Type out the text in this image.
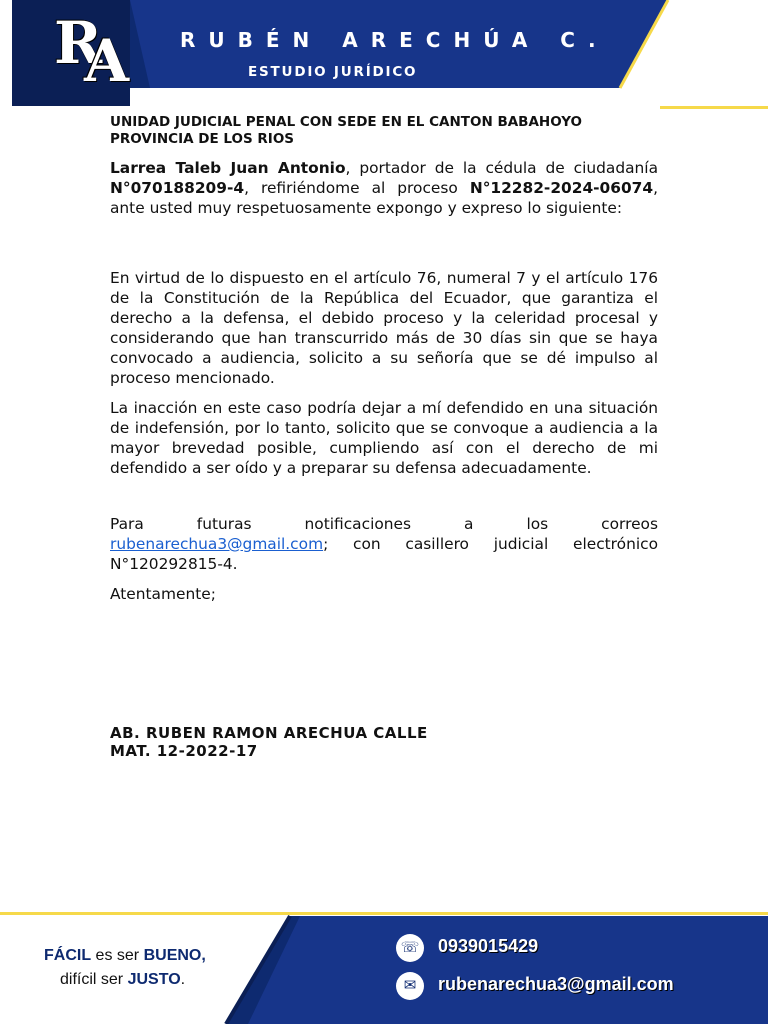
R
A	RUBÉN ARECHÚA C.
ESTUDIO JURÍDICO
UNIDAD JUDICIAL PENAL CON SEDE EN EL CANTON BABAHOYO
PROVINCIA DE LOS RIOS

Larrea Taleb Juan Antonio, portador de la cédula de ciudadanía N°070188209-4, refiriéndome al proceso N°12282-2024-06074, ante usted muy respetuosamente expongo y expreso lo siguiente:

En virtud de lo dispuesto en el artículo 76, numeral 7 y el artículo 176 de la Constitución de la República del Ecuador, que garantiza el derecho a la defensa, el debido proceso y la celeridad procesal y considerando que han transcurrido más de 30 días sin que se haya convocado a audiencia, solicito a su señoría que se dé impulso al proceso mencionado.

La inacción en este caso podría dejar a mí defendido en una situación de indefensión, por lo tanto, solicito que se convoque a audiencia a la mayor brevedad posible, cumpliendo así con el derecho de mi defendido a ser oído y a preparar su defensa adecuadamente.

Para futuras notificaciones a los correos
rubenarechua3@gmail.com; con casillero judicial electrónico N°120292815-4.

Atentamente;

AB. RUBEN RAMON ARECHUA CALLE
MAT. 12-2022-17
FÁCIL es ser BUENO,
difícil ser JUSTO.
☏ 0939015429
✉	rubenarechua3@gmail.com
